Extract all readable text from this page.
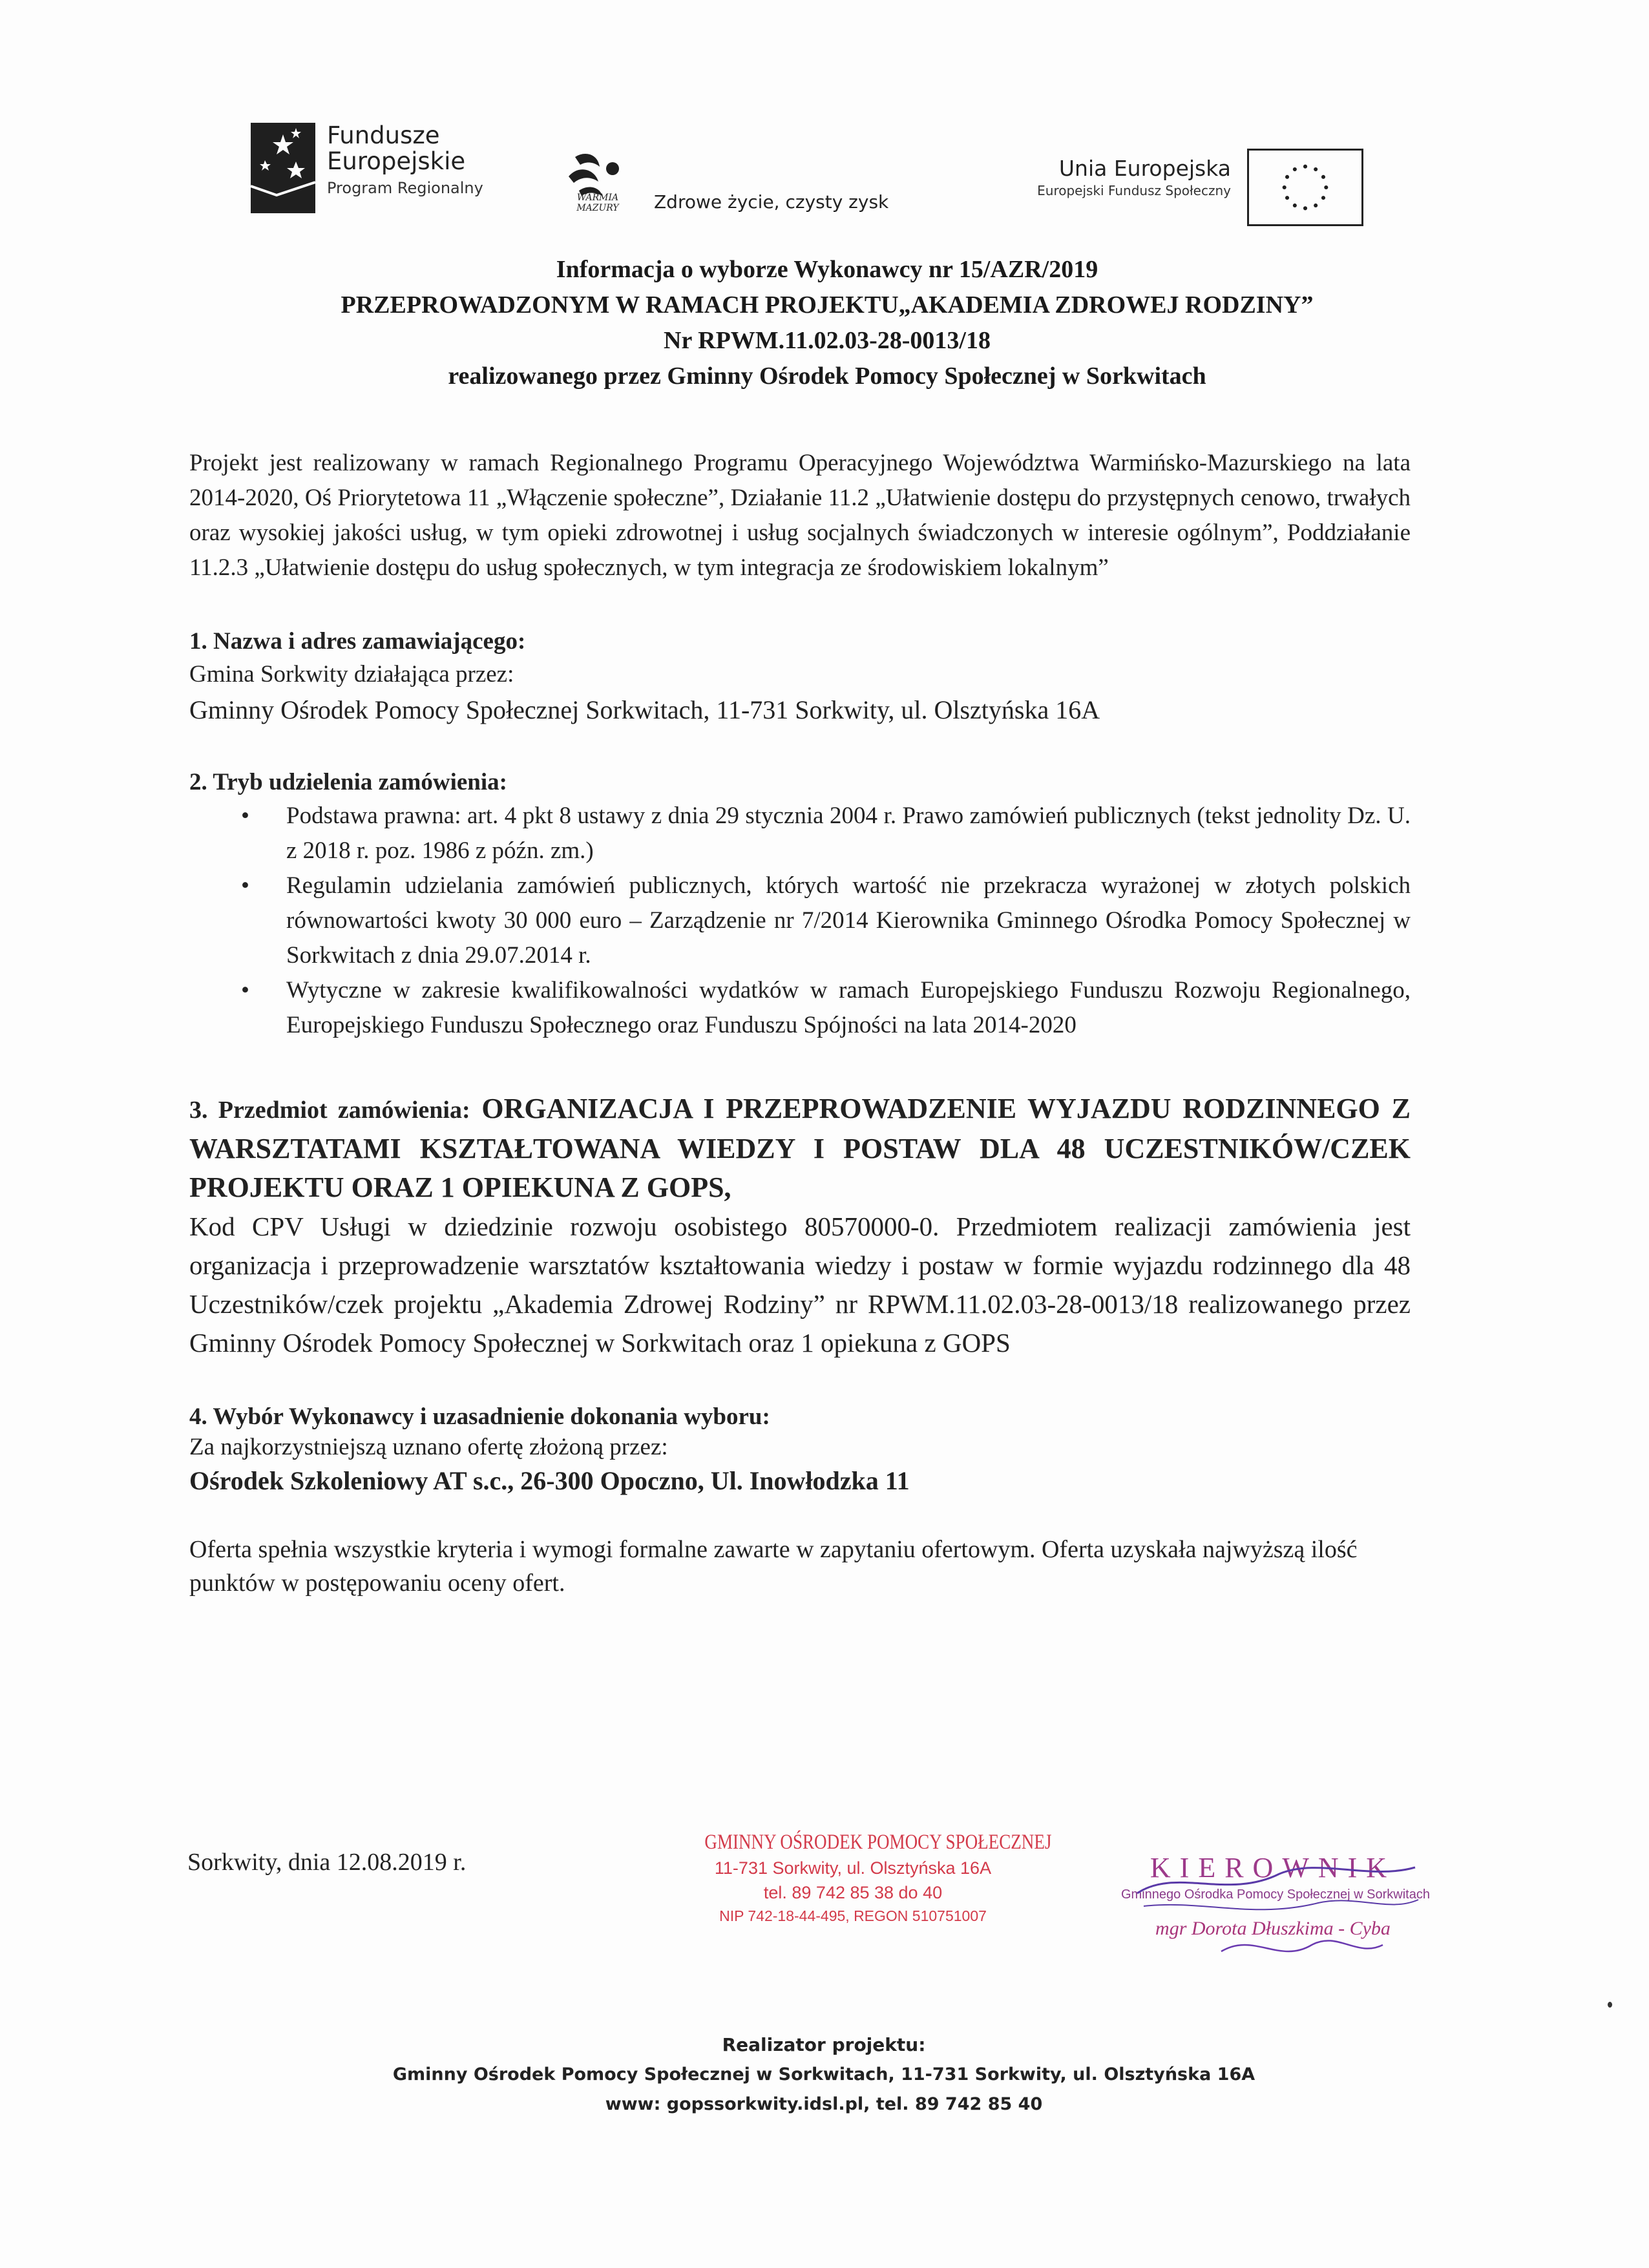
Fundusze
Europejskie
Program Regionalny
WARMIA
MAZURY	Zdrowe życie, czysty zysk
Unia Europejska
Europejski Fundusz Społeczny
Informacja o wyborze Wykonawcy nr 15/AZR/2019
PRZEPROWADZONYM W RAMACH PROJEKTU„AKADEMIA ZDROWEJ RODZINY”
Nr RPWM.11.02.03-28-0013/18
realizowanego przez Gminny Ośrodek Pomocy Społecznej w Sorkwitach

Projekt jest realizowany w ramach Regionalnego Programu Operacyjnego Województwa Warmińsko-Mazurskiego na lata 2014-2020, Oś Priorytetowa 11 „Włączenie społeczne”, Działanie 11.2 „Ułatwienie dostępu do przystępnych cenowo, trwałych oraz wysokiej jakości usług, w tym opieki zdrowotnej i usług socjalnych świadczonych w interesie ogólnym”, Poddziałanie 11.2.3 „Ułatwienie dostępu do usług społecznych, w tym integracja ze środowiskiem lokalnym”

1. Nazwa i adres zamawiającego:

Gmina Sorkwity działająca przez:

Gminny Ośrodek Pomocy Społecznej Sorkwitach, 11-731 Sorkwity, ul. Olsztyńska 16A

2. Tryb udzielenia zamówienia:

• Podstawa prawna: art. 4 pkt 8 ustawy z dnia 29 stycznia 2004 r. Prawo zamówień publicznych (tekst jednolity Dz. U. z 2018 r. poz. 1986 z późn. zm.)
• Regulamin udzielania zamówień publicznych, których wartość nie przekracza wyrażonej w złotych polskich równowartości kwoty 30 000 euro – Zarządzenie nr 7/2014 Kierownika Gminnego Ośrodka Pomocy Społecznej w Sorkwitach z dnia 29.07.2014 r.
• Wytyczne w zakresie kwalifikowalności wydatków w ramach Europejskiego Funduszu Rozwoju Regionalnego, Europejskiego Funduszu Społecznego oraz Funduszu Spójności na lata 2014-2020

3. Przedmiot zamówienia: ORGANIZACJA I PRZEPROWADZENIE WYJAZDU RODZINNEGO Z WARSZTATAMI KSZTAŁTOWANA WIEDZY I POSTAW DLA 48 UCZESTNIKÓW/CZEK PROJEKTU ORAZ 1 OPIEKUNA Z GOPS,

Kod CPV Usługi w dziedzinie rozwoju osobistego 80570000-0. Przedmiotem realizacji zamówienia jest organizacja i przeprowadzenie warsztatów kształtowania wiedzy i postaw w formie wyjazdu rodzinnego dla 48 Uczestników/czek projektu „Akademia Zdrowej Rodziny” nr RPWM.11.02.03-28-0013/18 realizowanego przez Gminny Ośrodek Pomocy Społecznej w Sorkwitach oraz 1 opiekuna z GOPS

4. Wybór Wykonawcy i uzasadnienie dokonania wyboru:

Za najkorzystniejszą uznano ofertę złożoną przez:

Ośrodek Szkoleniowy AT s.c., 26-300 Opoczno, Ul. Inowłodzka 11

Oferta spełnia wszystkie kryteria i wymogi formalne zawarte w zapytaniu ofertowym. Oferta uzyskała najwyższą ilość punktów w postępowaniu oceny ofert.

Sorkwity, dnia 12.08.2019 r.
GMINNY OŚRODEK POMOCY SPOŁECZNEJ
11-731 Sorkwity, ul. Olsztyńska 16A
tel. 89 742 85 38 do 40
NIP 742-18-44-495, REGON 510751007
KIEROWNIK
Gminnego Ośrodka Pomocy Społecznej w Sorkwitach
mgr Dorota Dłuszkima - Cyba
Realizator projektu:
Gminny Ośrodek Pomocy Społecznej w Sorkwitach, 11-731 Sorkwity, ul. Olsztyńska 16A
www: gopssorkwity.idsl.pl, tel. 89 742 85 40
